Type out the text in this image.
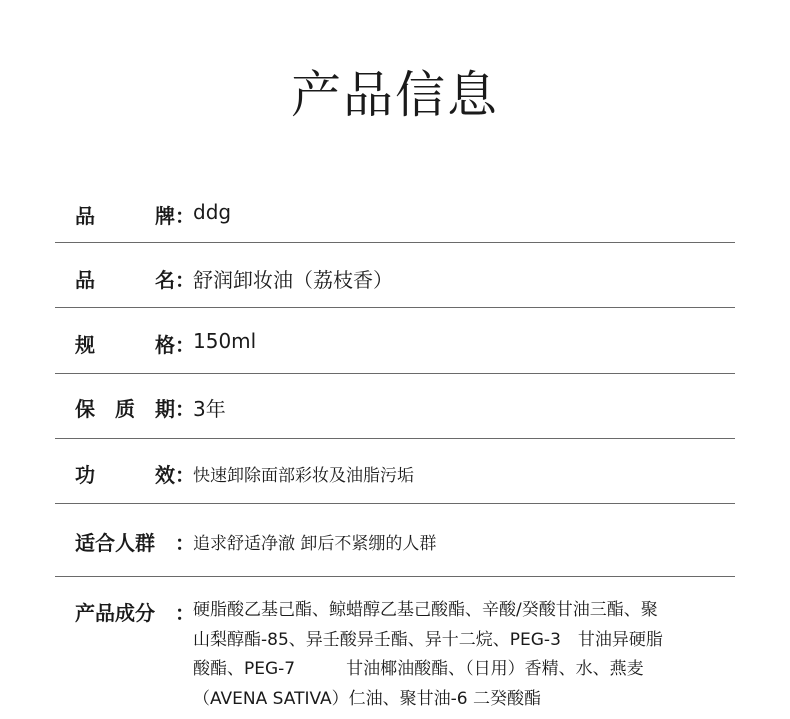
产品信息
品	牌 ：
ddg
品	名 ：
舒润卸妆油（荔枝香）
规	格 ：
150ml
保 质 期 ：
3年
功	效 ：
快速卸除面部彩妆及油脂污垢
适合人群	：
追求舒适净澈 卸后不紧绷的人群
产品成分	：
硬脂酸乙基己酯、鲸蜡醇乙基己酸酯、辛酸/癸酸甘油三酯、聚
山梨醇酯-85、异壬酸异壬酯、异十二烷、PEG-3　甘油异硬脂
酸酯、PEG-7　　　甘油椰油酸酯、（日用）香精、水、燕麦
（AVENA SATIVA）仁油、聚甘油-6 二癸酸酯
